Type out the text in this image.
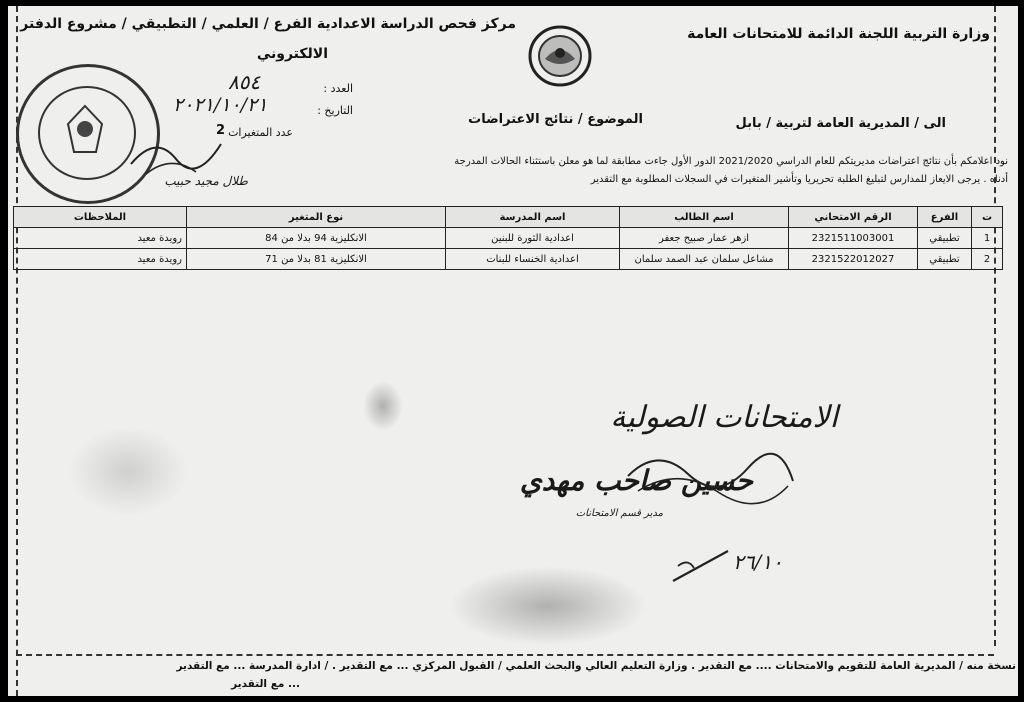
وزارة التربية اللجنة الدائمة للامتحانات العامة
مركز فحص الدراسة الاعدادية الفرع / العلمي / التطبيقي / مشروع الدفتر
الالكتروني
العدد :
٨٥٤
التاريخ :
٢٠٢١/١٠/٢١
عدد المتغيرات
2
طلال مجيد حبيب
الى / المديرية العامة لتربية / بابل
الموضوع / نتائج الاعتراضات
نود اعلامكم بأن نتائج اعتراضات مديريتكم للعام الدراسي 2021/2020 الدور الأول جاءت مطابقة لما هو معلن باستثناء الحالات المدرجة
أدناه . يرجى الايعاز للمدارس لتبليغ الطلبة تحريريا وتأشير المتغيرات في السجلات المطلوبة مع التقدير
ت	الفرع	الرقم الامتحاني	اسم الطالب	اسم المدرسة	نوع المتغير	الملاحظات
1	تطبيقي	2321511003001	ازهر عمار صبيح جعفر	اعدادية الثورة للبنين	الانكليزية 94 بدلا من 84	رويدة معيد
2	تطبيقي	2321522012027	مشاعل سلمان عبد الصمد سلمان	اعدادية الخنساء للبنات	الانكليزية 81 بدلا من 71	رويدة معيد
الامتحانات الصولية
حسين صاحب مهدي
مدير قسم الامتحانات
٢٦/١٠
نسخة منه / المديرية العامة للتقويم والامتحانات .... مع التقدير . وزارة التعليم العالي والبحث العلمي / القبول المركزي ... مع التقدير . / ادارة المدرسة ... مع التقدير
... مع التقدير
